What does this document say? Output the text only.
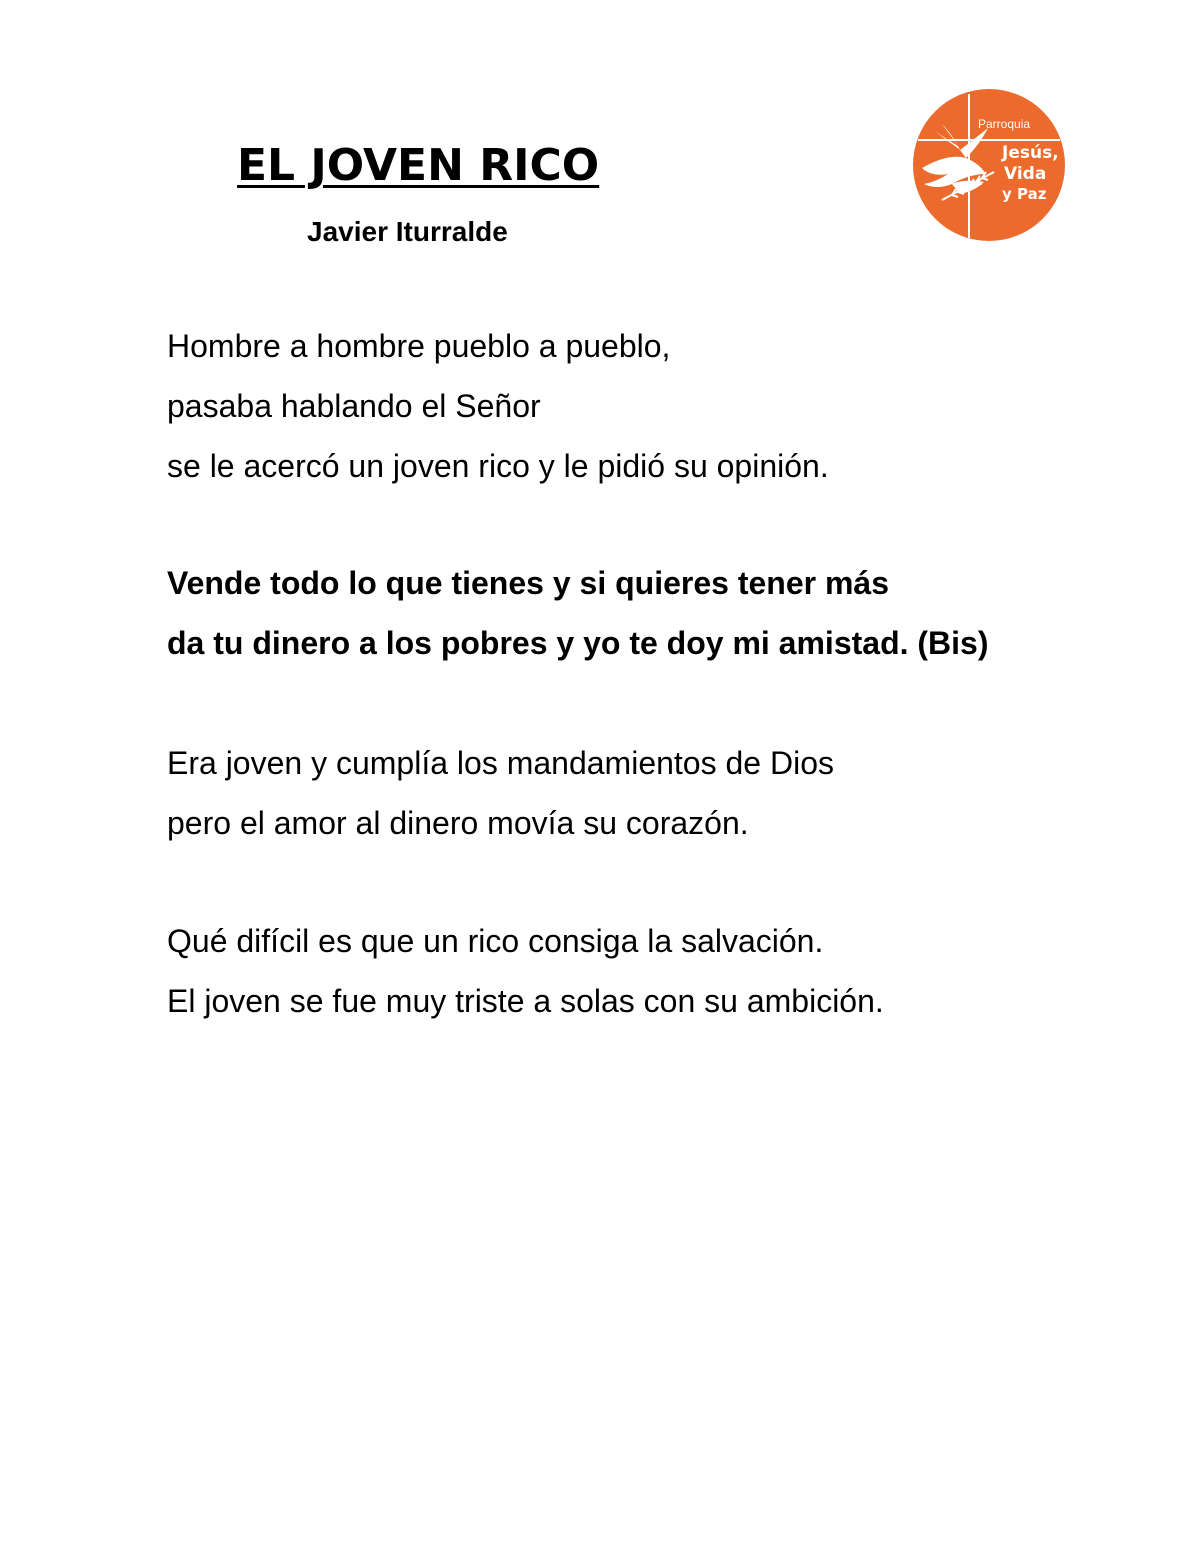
EL JOVEN RICO
Javier Iturralde
Parroquia
Jesús,
Vida
y Paz
Hombre a hombre pueblo a pueblo,
pasaba hablando el Señor
se le acercó un joven rico y le pidió su opinión.
Vende todo lo que tienes y si quieres tener más
da tu dinero a los pobres y yo te doy mi amistad. (Bis)
Era joven y cumplía los mandamientos de Dios
pero el amor al dinero movía su corazón.
Qué difícil es que un rico consiga la salvación.
El joven se fue muy triste a solas con su ambición.
